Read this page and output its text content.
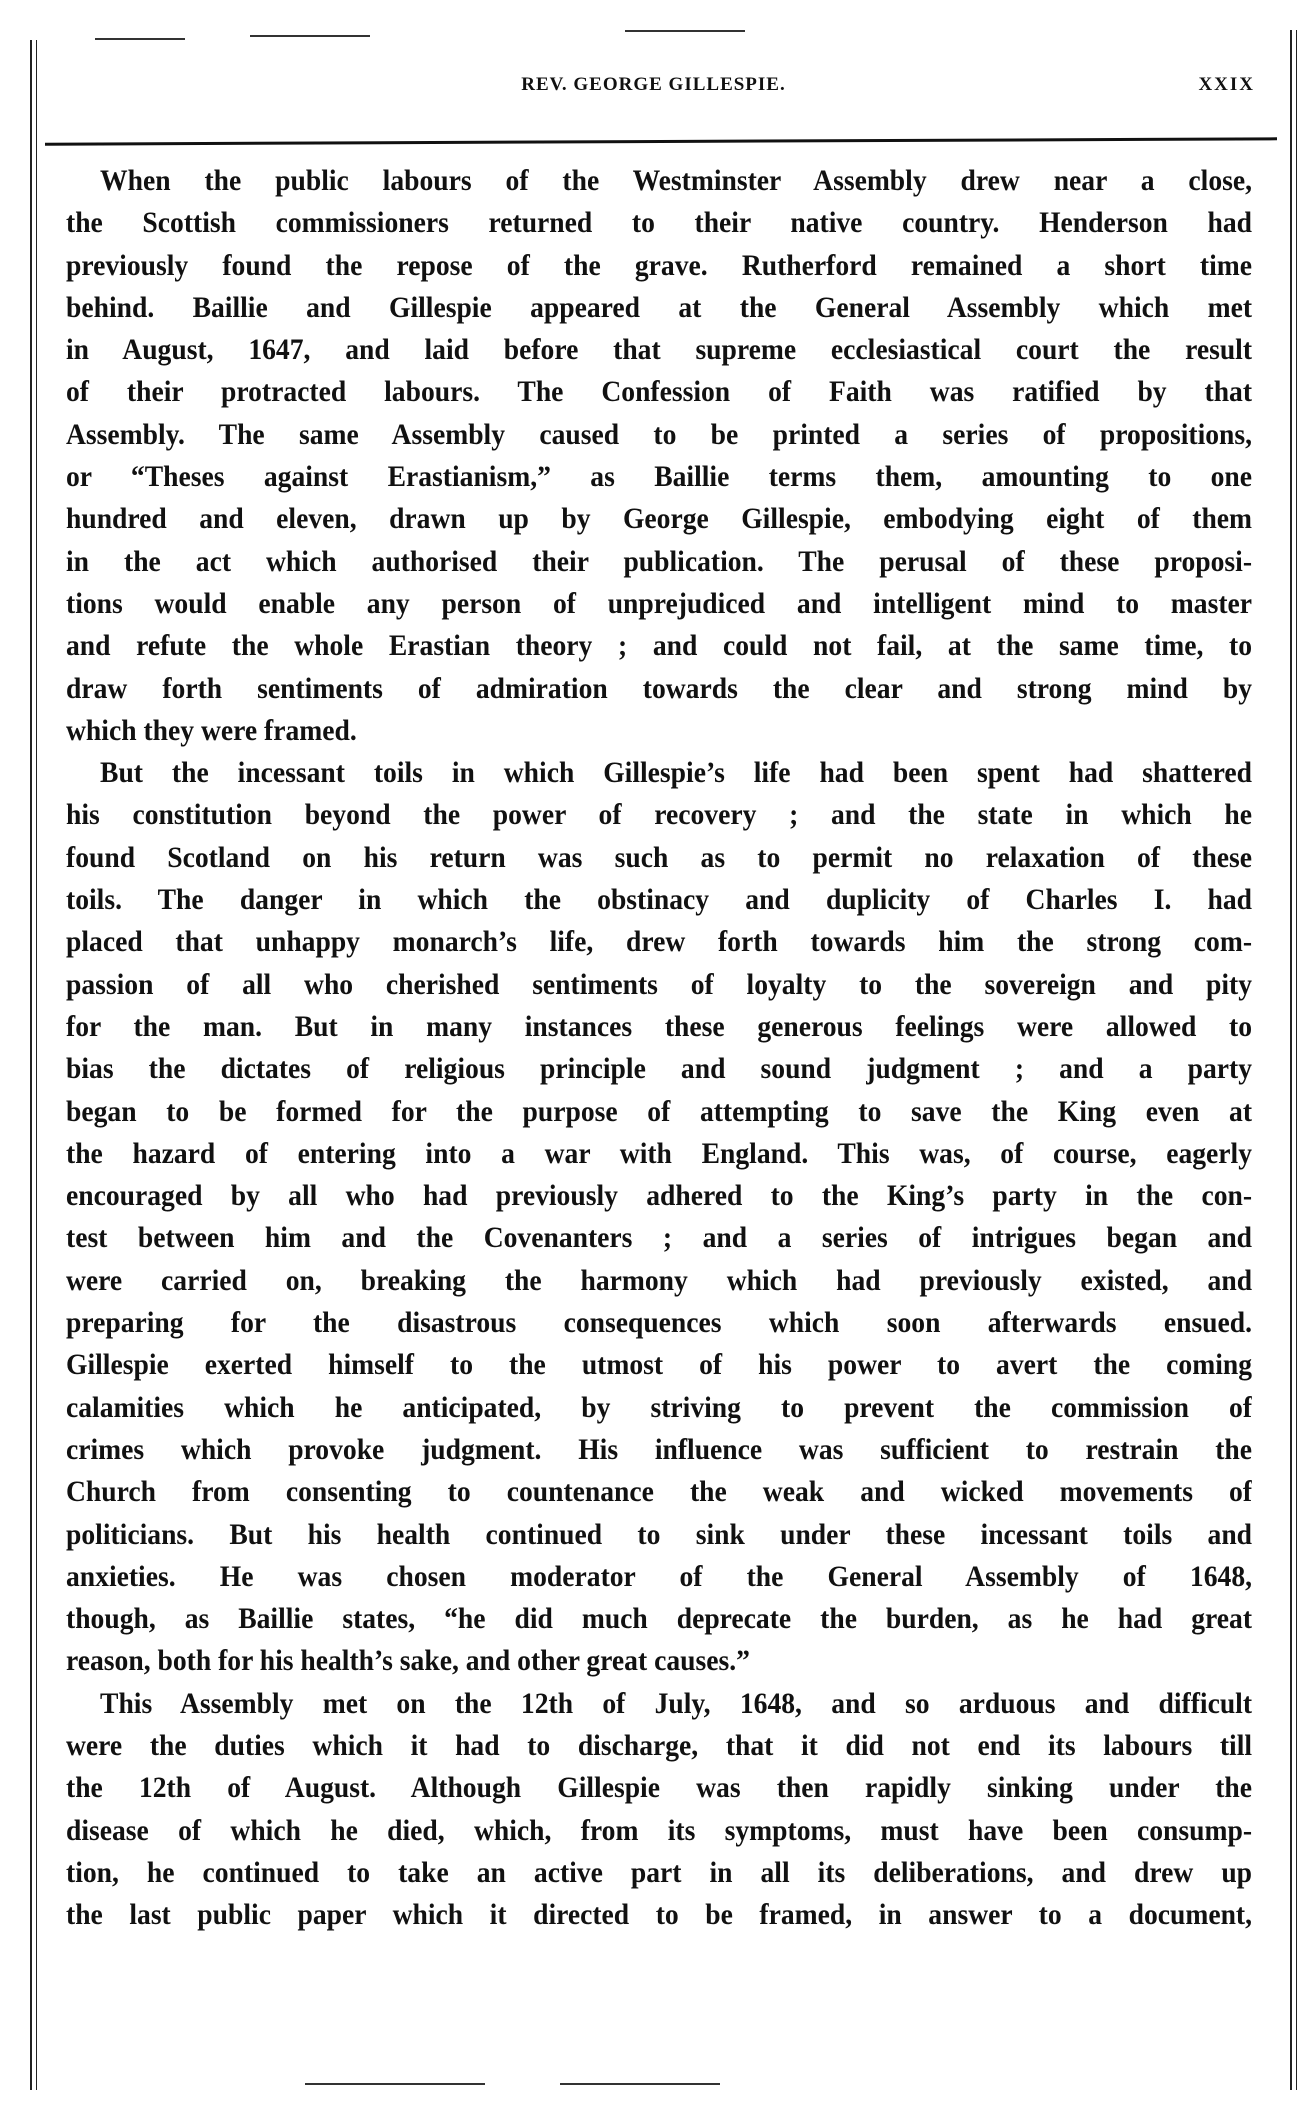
REV. GEORGE GILLESPIE.	XXIX
When the public labours of the Westminster Assembly drew near a close,
the Scottish commissioners returned to their native country. Henderson had
previously found the repose of the grave. Rutherford remained a short time
behind. Baillie and Gillespie appeared at the General Assembly which met
in August, 1647, and laid before that supreme ecclesiastical court the result
of their protracted labours. The Confession of Faith was ratified by that
Assembly. The same Assembly caused to be printed a series of propositions,
or “Theses against Erastianism,” as Baillie terms them, amounting to one
hundred and eleven, drawn up by George Gillespie, embodying eight of them
in the act which authorised their publication. The perusal of these proposi-
tions would enable any person of unprejudiced and intelligent mind to master
and refute the whole Erastian theory ; and could not fail, at the same time, to
draw forth sentiments of admiration towards the clear and strong mind by
which they were framed.
But the incessant toils in which Gillespie’s life had been spent had shattered
his constitution beyond the power of recovery ; and the state in which he
found Scotland on his return was such as to permit no relaxation of these
toils. The danger in which the obstinacy and duplicity of Charles I. had
placed that unhappy monarch’s life, drew forth towards him the strong com-
passion of all who cherished sentiments of loyalty to the sovereign and pity
for the man. But in many instances these generous feelings were allowed to
bias the dictates of religious principle and sound judgment ; and a party
began to be formed for the purpose of attempting to save the King even at
the hazard of entering into a war with England. This was, of course, eagerly
encouraged by all who had previously adhered to the King’s party in the con-
test between him and the Covenanters ; and a series of intrigues began and
were carried on, breaking the harmony which had previously existed, and
preparing for the disastrous consequences which soon afterwards ensued.
Gillespie exerted himself to the utmost of his power to avert the coming
calamities which he anticipated, by striving to prevent the commission of
crimes which provoke judgment. His influence was sufficient to restrain the
Church from consenting to countenance the weak and wicked movements of
politicians. But his health continued to sink under these incessant toils and
anxieties. He was chosen moderator of the General Assembly of 1648,
though, as Baillie states, “he did much deprecate the burden, as he had great
reason, both for his health’s sake, and other great causes.”
This Assembly met on the 12th of July, 1648, and so arduous and difficult
were the duties which it had to discharge, that it did not end its labours till
the 12th of August. Although Gillespie was then rapidly sinking under the
disease of which he died, which, from its symptoms, must have been consump-
tion, he continued to take an active part in all its deliberations, and drew up
the last public paper which it directed to be framed, in answer to a document,
